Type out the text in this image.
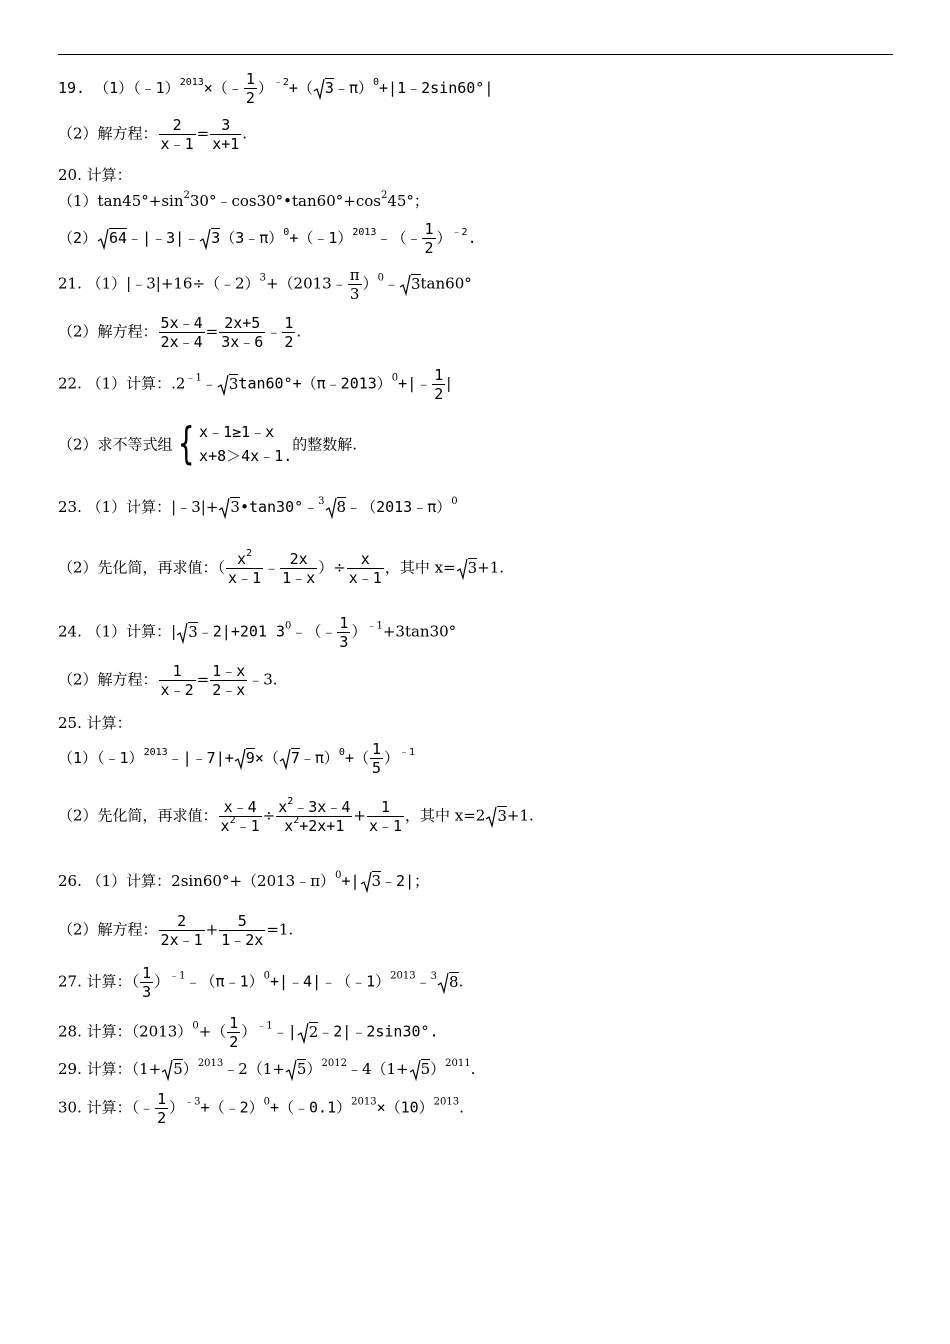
19. （1）（﹣1）$^{2013}$×（﹣ $\frac{1}{2} )^{﹣2}+$（ 3﹣π）$^0$+|1﹣2sin60°|
（2）解方程： $\frac{2}{x﹣1} = \frac{3}{x+1}$ .
20. 计算：
$(1)\tan 45^\circ+\sin^230^\circ﹣\cos 30^\circ•\tan 60^\circ+\cos^245^\circ$；
（2） 64﹣|﹣3|﹣ 3（3﹣π）$^0$+（﹣1）$^{2013}$﹣（﹣ $\frac{1}{2} )^{﹣2}$.
21. （1）|﹣3|+16÷（﹣2）$^3$+（2013﹣ $\frac{\pi}{3}$ ）$^0$﹣ 3tan60°
（2）解方程： $\frac{5x﹣4}{2x﹣4} = \frac{2x+5}{3x﹣6}$ ﹣ $\frac{1}{2}$ .
22. （1）计算：$.2^{﹣1}﹣$ 3tan60°+（π﹣2013）$^0$+|﹣ $\frac{1}{2}$ |
（2）求不等式组 { x﹣1≥1﹣x
x+8＞4x﹣1.
的整数解.
23. （1）计算：|﹣3|+ 3•tan30°﹣$^3$ 8﹣（2013﹣π）$^0$
（2）先化简，再求值：（ $\frac{x^2}{x﹣1}$ ﹣ $\frac{2x}{1﹣x}$ ）÷ $\frac{x}{x﹣1}$ ，其中 x= 3+1.
24. （1）计算：| 3﹣2|+201 $3^0﹣(﹣ \frac{1}{3} )^{﹣1}+3\tan 30^\circ$
（2）解方程： $\frac{1}{x﹣2} = \frac{1﹣x}{2﹣x}$ ﹣3.
25. 计算：
（1）（﹣1）$^{2013}$﹣|﹣7|+ 9×（ 7﹣π）$^0$+（ $\frac{1}{5} )^{﹣1}$
（2）先化简，再求值： $\frac{x﹣4}{x^2﹣1} \div \frac{x^2﹣3x﹣4}{x^2+2x+1} + \frac{1}{x﹣1}$ ，其中 x=2 3+1.
26. （1）计算：2sin60°+（2013﹣π）$^0$+| 3﹣2|；
（2）解方程： $\frac{2}{2x﹣1} + \frac{5}{1﹣2x} =1$.
27. 计算：（ $\frac{1}{3}$ ）$^{﹣1}$﹣（π﹣1）$^0$+|﹣4|﹣（﹣1）$^{2013}$﹣$^3$ 8.
28. 计算：$(2013)^0+( \frac{1}{2}$ ）$^{﹣1}﹣|$ 2﹣2|﹣2sin30°.
29. 计算：$(1+ 5)^{2013}﹣2(1+$ 5）$^{2012}$﹣4（1+ 5）$^{2011}$.
30. 计算：（﹣ $\frac{1}{2}$ ）$^{﹣3}+(﹣2)^0+(﹣0.1)^{2013}\times(10)^{2013}$.
